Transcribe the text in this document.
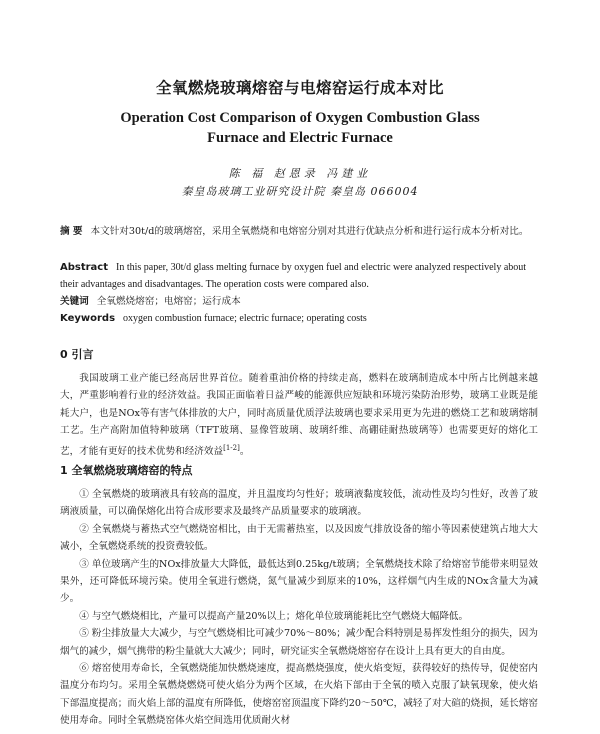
全氧燃烧玻璃熔窑与电熔窑运行成本对比
Operation Cost Comparison of Oxygen Combustion Glass
Furnace and Electric Furnace
陈 福 赵恩录 冯建业
秦皇岛玻璃工业研究设计院 秦皇岛 066004

摘 要 本文针对30t/d的玻璃熔窑，采用全氧燃烧和电熔窑分别对其进行优缺点分析和进行运行成本分析对比。

Abstract In this paper, 30t/d glass melting furnace by oxygen fuel and electric were analyzed respectively about their advantages and disadvantages. The operation costs were compared also.

关键词 全氧燃烧熔窑；电熔窑；运行成本

Keywords oxygen combustion furnace; electric furnace; operating costs

0 引言

我国玻璃工业产能已经高居世界首位。随着重油价格的持续走高，燃料在玻璃制造成本中所占比例越来越大，严重影响着行业的经济效益。我国正面临着日益严峻的能源供应短缺和环境污染防治形势，玻璃工业既是能耗大户，也是NOx等有害气体排放的大户，同时高质量优质浮法玻璃也要求采用更为先进的燃烧工艺和玻璃熔制工艺。生产高附加值特种玻璃（TFT玻璃、显像管玻璃、玻璃纤维、高硼硅耐热玻璃等）也需要更好的熔化工艺，才能有更好的技术优势和经济效益[1-2]。

1 全氧燃烧玻璃熔窑的特点

① 全氧燃烧的玻璃液具有较高的温度，并且温度均匀性好；玻璃液黏度较低，流动性及均匀性好，改善了玻璃液质量，可以确保熔化出符合成形要求及最终产品质量要求的玻璃液。

② 全氧燃烧与蓄热式空气燃烧窑相比，由于无需蓄热室，以及因废气排放设备的缩小等因素使建筑占地大大减小，全氧燃烧系统的投资费较低。

③ 单位玻璃产生的NOx排放量大大降低，最低达到0.25kg/t玻璃；全氧燃烧技术除了给熔窑节能带来明显效果外，还可降低环境污染。使用全氧进行燃烧，氮气量减少到原来的10%，这样烟气内生成的NOx含量大为减少。

④ 与空气燃烧相比，产量可以提高产量20%以上；熔化单位玻璃能耗比空气燃烧大幅降低。

⑤ 粉尘排放量大大减少，与空气燃烧相比可减少70%～80%；减少配合料特别是易挥发性组分的损失，因为烟气的减少，烟气携带的粉尘量就大大减少；同时，研究证实全氧燃烧熔窑存在设计上具有更大的自由度。

⑥ 熔窑使用寿命长，全氧燃烧能加快燃烧速度，提高燃烧强度，使火焰变短，获得较好的热传导，促使窑内温度分布均匀。采用全氧燃烧燃烧可使火焰分为两个区域，在火焰下部由于全氧的喷入克服了缺氧现象，使火焰下部温度提高；而火焰上部的温度有所降低，使熔窑窑顶温度下降约20～50℃，减轻了对大碹的烧损，延长熔窑使用寿命。同时全氧燃烧窑体火焰空间选用优质耐火材
